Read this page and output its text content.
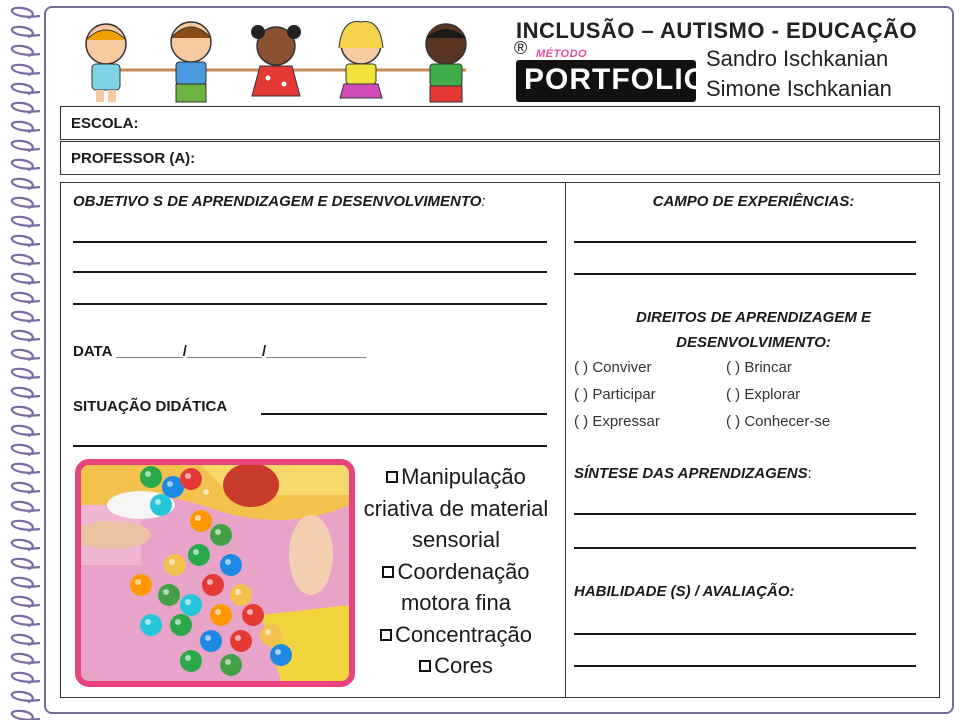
INCLUSÃO – AUTISMO - EDUCAÇÃO
® MÉTODO
PORTFOLIO
Sandro Ischkanian
Simone Ischkanian
ESCOLA:
PROFESSOR (A):
OBJETIVO S DE APRENDIZAGEM E DESENVOLVIMENTO:
DATA ________/_________/____________
SITUAÇÃO DIDÁTICA
Manipulação criativa de material sensorial
Coordenação motora fina
Concentração
Cores
CAMPO DE EXPERIÊNCIAS:
DIREITOS DE APRENDIZAGEM E
DESENVOLVIMENTO:
( ) Conviver	( ) Brincar
( ) Participar	( ) Explorar
( ) Expressar	( ) Conhecer-se
SÍNTESE DAS APRENDIZAGENS:
HABILIDADE (S) / AVALIAÇÃO:
